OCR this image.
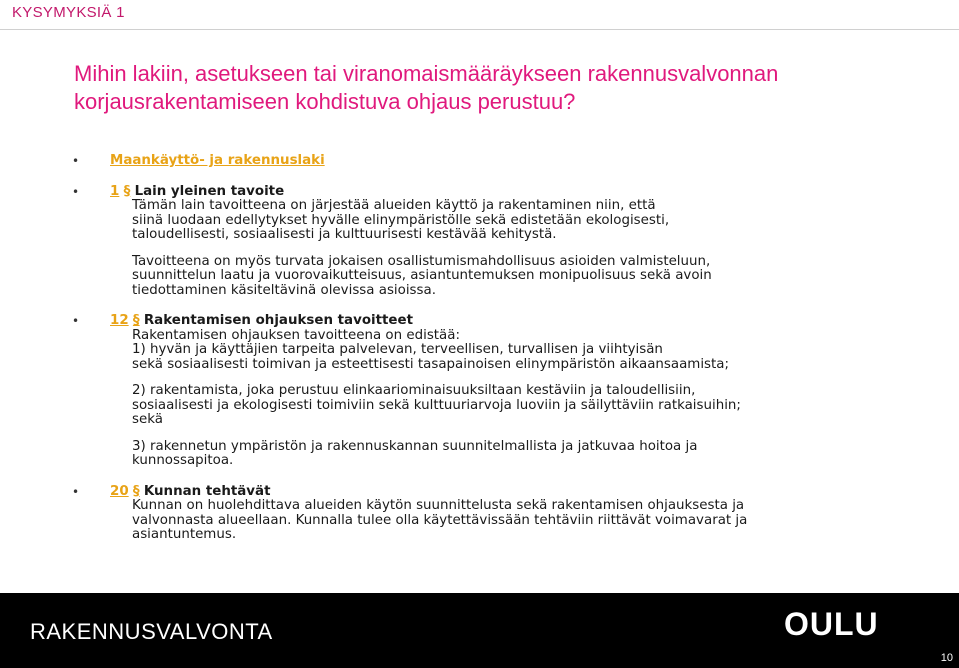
KYSYMYKSIÄ 1
Mihin lakiin, asetukseen tai viranomaismääräykseen rakennusvalvonnan korjausrakentamiseen kohdistuva ohjaus perustuu?
• Maankäyttö- ja rakennuslaki
• 1 § Lain yleinen tavoite
Tämän lain tavoitteena on järjestää alueiden käyttö ja rakentaminen niin, että
siinä luodaan edellytykset hyvälle elinympäristölle sekä edistetään ekologisesti,
taloudellisesti, sosiaalisesti ja kulttuurisesti kestävää kehitystä.
Tavoitteena on myös turvata jokaisen osallistumismahdollisuus asioiden valmisteluun,
suunnittelun laatu ja vuorovaikutteisuus, asiantuntemuksen monipuolisuus sekä avoin
tiedottaminen käsiteltävinä olevissa asioissa.
• 12 § Rakentamisen ohjauksen tavoitteet
Rakentamisen ohjauksen tavoitteena on edistää:
1) hyvän ja käyttäjien tarpeita palvelevan, terveellisen, turvallisen ja viihtyisän
sekä sosiaalisesti toimivan ja esteettisesti tasapainoisen elinympäristön aikaansaamista;
2) rakentamista, joka perustuu elinkaariominaisuuksiltaan kestäviin ja taloudellisiin,
sosiaalisesti ja ekologisesti toimiviin sekä kulttuuriarvoja luoviin ja säilyttäviin ratkaisuihin;
sekä
3) rakennetun ympäristön ja rakennuskannan suunnitelmallista ja jatkuvaa hoitoa ja
kunnossapitoa.
• 20 § Kunnan tehtävät
Kunnan on huolehdittava alueiden käytön suunnittelusta sekä rakentamisen ohjauksesta ja
valvonnasta alueellaan. Kunnalla tulee olla käytettävissään tehtäviin riittävät voimavarat ja
asiantuntemus.
RAKENNUSVALVONTA	OULU
10
